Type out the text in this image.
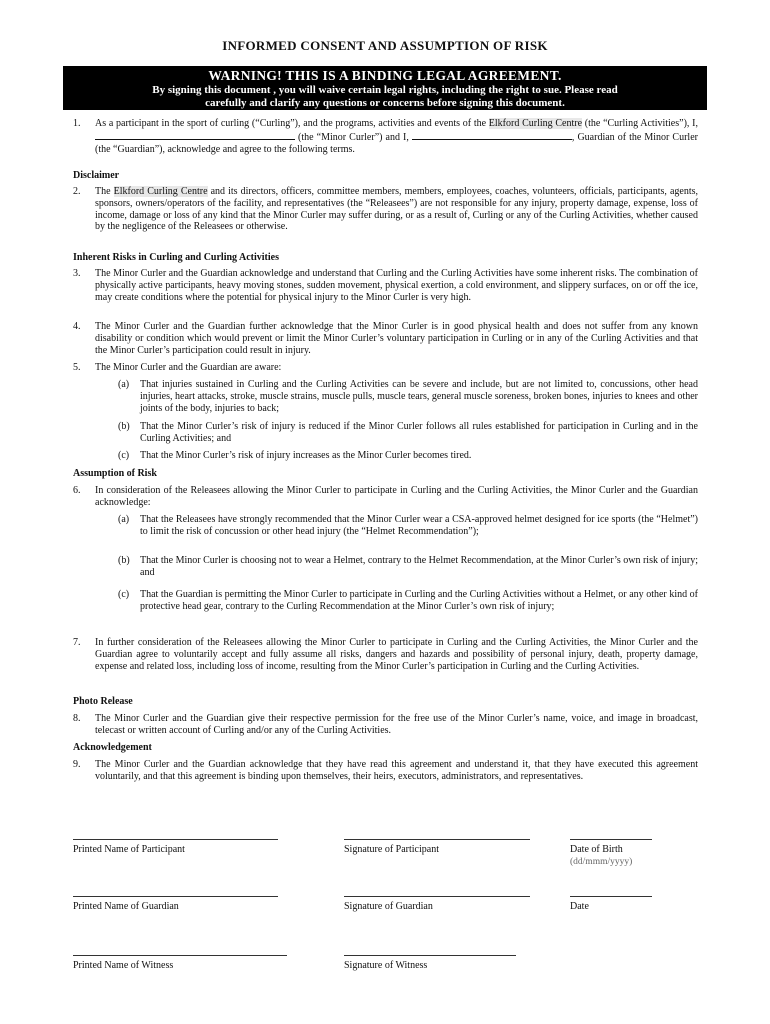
INFORMED CONSENT AND ASSUMPTION OF RISK
WARNING! THIS IS A BINDING LEGAL AGREEMENT.
By signing this document , you will waive certain legal rights, including the right to sue. Please read
carefully and clarify any questions or concerns before signing this document.
1. As a participant in the sport of curling (“Curling”), and the programs, activities and events of the Elkford Curling Centre (the “Curling Activities”), I,  (the “Minor Curler”) and I,	, Guardian of the Minor Curler (the “Guardian”), acknowledge and agree to the following terms.
Disclaimer
2. The Elkford Curling Centre and its directors, officers, committee members, members, employees, coaches, volunteers, officials, participants, agents, sponsors, owners/operators of the facility, and representatives (the “Releasees”) are not responsible for any injury, property damage, expense, loss of income, damage or loss of any kind that the Minor Curler may suffer during, or as a result of, Curling or any of the Curling Activities, whether caused by the negligence of the Releasees or otherwise.
Inherent Risks in Curling and Curling Activities
3. The Minor Curler and the Guardian acknowledge and understand that Curling and the Curling Activities have some inherent risks. The combination of physically active participants, heavy moving stones, sudden movement, physical exertion, a cold environment, and slippery surfaces, on or off the ice, may create conditions where the potential for physical injury to the Minor Curler is very high.
4. The Minor Curler and the Guardian further acknowledge that the Minor Curler is in good physical health and does not suffer from any known disability or condition which would prevent or limit the Minor Curler’s voluntary participation in Curling or in any of the Curling Activities and that the Minor Curler’s participation could result in injury.
5. The Minor Curler and the Guardian are aware:
(a) That injuries sustained in Curling and the Curling Activities can be severe and include, but are not limited to, concussions, other head injuries, heart attacks, stroke, muscle strains, muscle pulls, muscle tears, general muscle soreness, broken bones, injuries to knees and other joints of the body, injuries to back;
(b) That the Minor Curler’s risk of injury is reduced if the Minor Curler follows all rules established for participation in Curling and in the Curling Activities; and
(c) That the Minor Curler’s risk of injury increases as the Minor Curler becomes tired.
Assumption of Risk
6. In consideration of the Releasees allowing the Minor Curler to participate in Curling and the Curling Activities, the Minor Curler and the Guardian acknowledge:
(a) That the Releasees have strongly recommended that the Minor Curler wear a CSA-approved helmet designed for ice sports (the “Helmet”) to limit the risk of concussion or other head injury (the “Helmet Recommendation”);
(b) That the Minor Curler is choosing not to wear a Helmet, contrary to the Helmet Recommendation, at the Minor Curler’s own risk of injury; and
(c) That the Guardian is permitting the Minor Curler to participate in Curling and the Curling Activities without a Helmet, or any other kind of protective head gear, contrary to the Curling Recommendation at the Minor Curler’s own risk of injury;
7. In further consideration of the Releasees allowing the Minor Curler to participate in Curling and the Curling Activities, the Minor Curler and the Guardian agree to voluntarily accept and fully assume all risks, dangers and hazards and possibility of personal injury, death, property damage, expense and related loss, including loss of income, resulting from the Minor Curler’s participation in Curling and the Curling Activities.
Photo Release
8. The Minor Curler and the Guardian give their respective permission for the free use of the Minor Curler’s name, voice, and image in broadcast, telecast or written account of Curling and/or any of the Curling Activities.
Acknowledgement
9. The Minor Curler and the Guardian acknowledge that they have read this agreement and understand it, that they have executed this agreement voluntarily, and that this agreement is binding upon themselves, their heirs, executors, administrators, and representatives.
Printed Name of Participant	Signature of Participant	Date of Birth
(dd/mmm/yyyy)
Printed Name of Guardian	Signature of Guardian	Date
Printed Name of Witness	Signature of Witness
